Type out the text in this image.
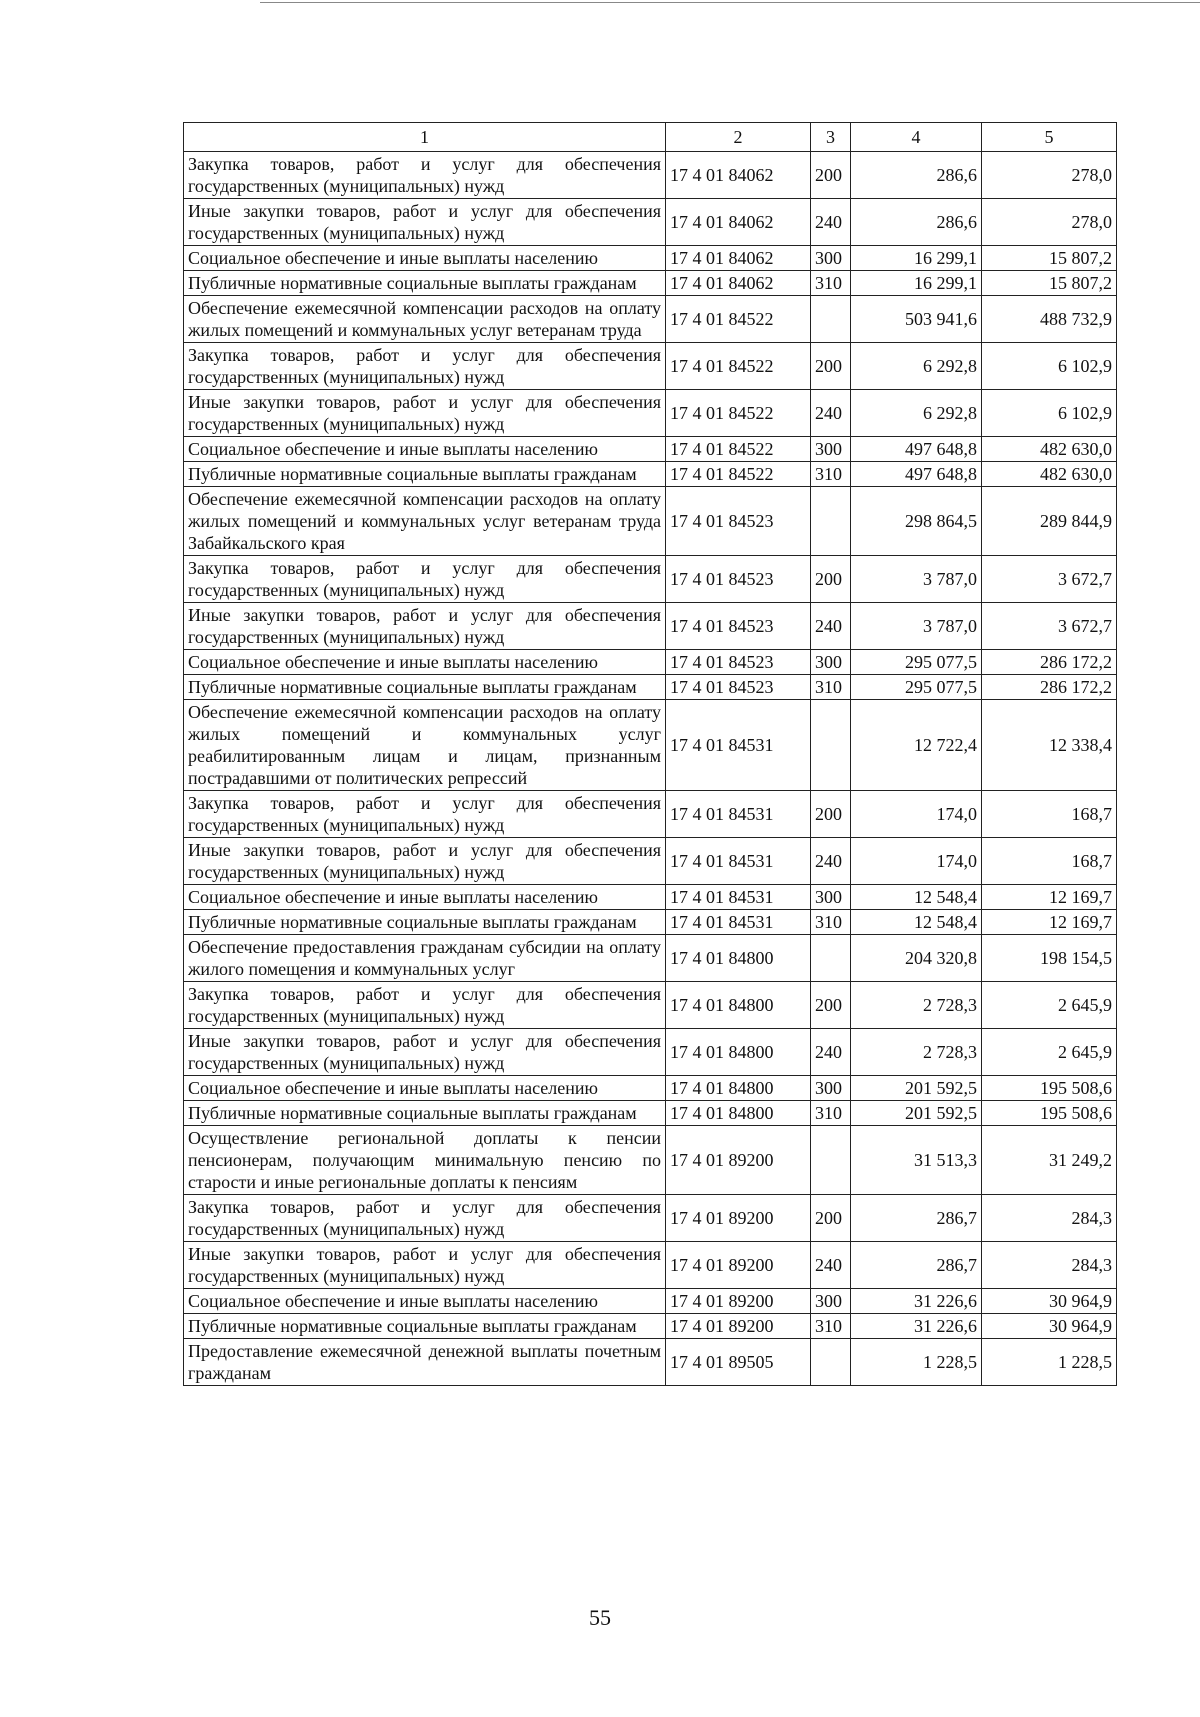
1	2	3	4	5
Закупка товаров, работ и услуг для обеспечения государственных (муниципальных) нужд	17 4 01 84062	200	286,6	278,0
Иные закупки товаров, работ и услуг для обеспечения государственных (муниципальных) нужд	17 4 01 84062	240	286,6	278,0
Социальное обеспечение и иные выплаты населению	17 4 01 84062	300	16 299,1	15 807,2
Публичные нормативные социальные выплаты гражданам	17 4 01 84062	310	16 299,1	15 807,2
Обеспечение ежемесячной компенсации расходов на оплату жилых помещений и коммунальных услуг ветеранам труда	17 4 01 84522		503 941,6	488 732,9
Закупка товаров, работ и услуг для обеспечения государственных (муниципальных) нужд	17 4 01 84522	200	6 292,8	6 102,9
Иные закупки товаров, работ и услуг для обеспечения государственных (муниципальных) нужд	17 4 01 84522	240	6 292,8	6 102,9
Социальное обеспечение и иные выплаты населению	17 4 01 84522	300	497 648,8	482 630,0
Публичные нормативные социальные выплаты гражданам	17 4 01 84522	310	497 648,8	482 630,0
Обеспечение ежемесячной компенсации расходов на оплату жилых помещений и коммунальных услуг ветеранам труда Забайкальского края	17 4 01 84523		298 864,5	289 844,9
Закупка товаров, работ и услуг для обеспечения государственных (муниципальных) нужд	17 4 01 84523	200	3 787,0	3 672,7
Иные закупки товаров, работ и услуг для обеспечения государственных (муниципальных) нужд	17 4 01 84523	240	3 787,0	3 672,7
Социальное обеспечение и иные выплаты населению	17 4 01 84523	300	295 077,5	286 172,2
Публичные нормативные социальные выплаты гражданам	17 4 01 84523	310	295 077,5	286 172,2
Обеспечение ежемесячной компенсации расходов на оплату жилых помещений и коммунальных услуг реабилитированным лицам и лицам, признанным пострадавшими от политических репрессий	17 4 01 84531		12 722,4	12 338,4
Закупка товаров, работ и услуг для обеспечения государственных (муниципальных) нужд	17 4 01 84531	200	174,0	168,7
Иные закупки товаров, работ и услуг для обеспечения государственных (муниципальных) нужд	17 4 01 84531	240	174,0	168,7
Социальное обеспечение и иные выплаты населению	17 4 01 84531	300	12 548,4	12 169,7
Публичные нормативные социальные выплаты гражданам	17 4 01 84531	310	12 548,4	12 169,7
Обеспечение предоставления гражданам субсидии на оплату жилого помещения и коммунальных услуг	17 4 01 84800		204 320,8	198 154,5
Закупка товаров, работ и услуг для обеспечения государственных (муниципальных) нужд	17 4 01 84800	200	2 728,3	2 645,9
Иные закупки товаров, работ и услуг для обеспечения государственных (муниципальных) нужд	17 4 01 84800	240	2 728,3	2 645,9
Социальное обеспечение и иные выплаты населению	17 4 01 84800	300	201 592,5	195 508,6
Публичные нормативные социальные выплаты гражданам	17 4 01 84800	310	201 592,5	195 508,6
Осуществление региональной доплаты к пенсии пенсионерам, получающим минимальную пенсию по старости и иные региональные доплаты к пенсиям	17 4 01 89200		31 513,3	31 249,2
Закупка товаров, работ и услуг для обеспечения государственных (муниципальных) нужд	17 4 01 89200	200	286,7	284,3
Иные закупки товаров, работ и услуг для обеспечения государственных (муниципальных) нужд	17 4 01 89200	240	286,7	284,3
Социальное обеспечение и иные выплаты населению	17 4 01 89200	300	31 226,6	30 964,9
Публичные нормативные социальные выплаты гражданам	17 4 01 89200	310	31 226,6	30 964,9
Предоставление ежемесячной денежной выплаты почетным гражданам	17 4 01 89505		1 228,5	1 228,5
55
